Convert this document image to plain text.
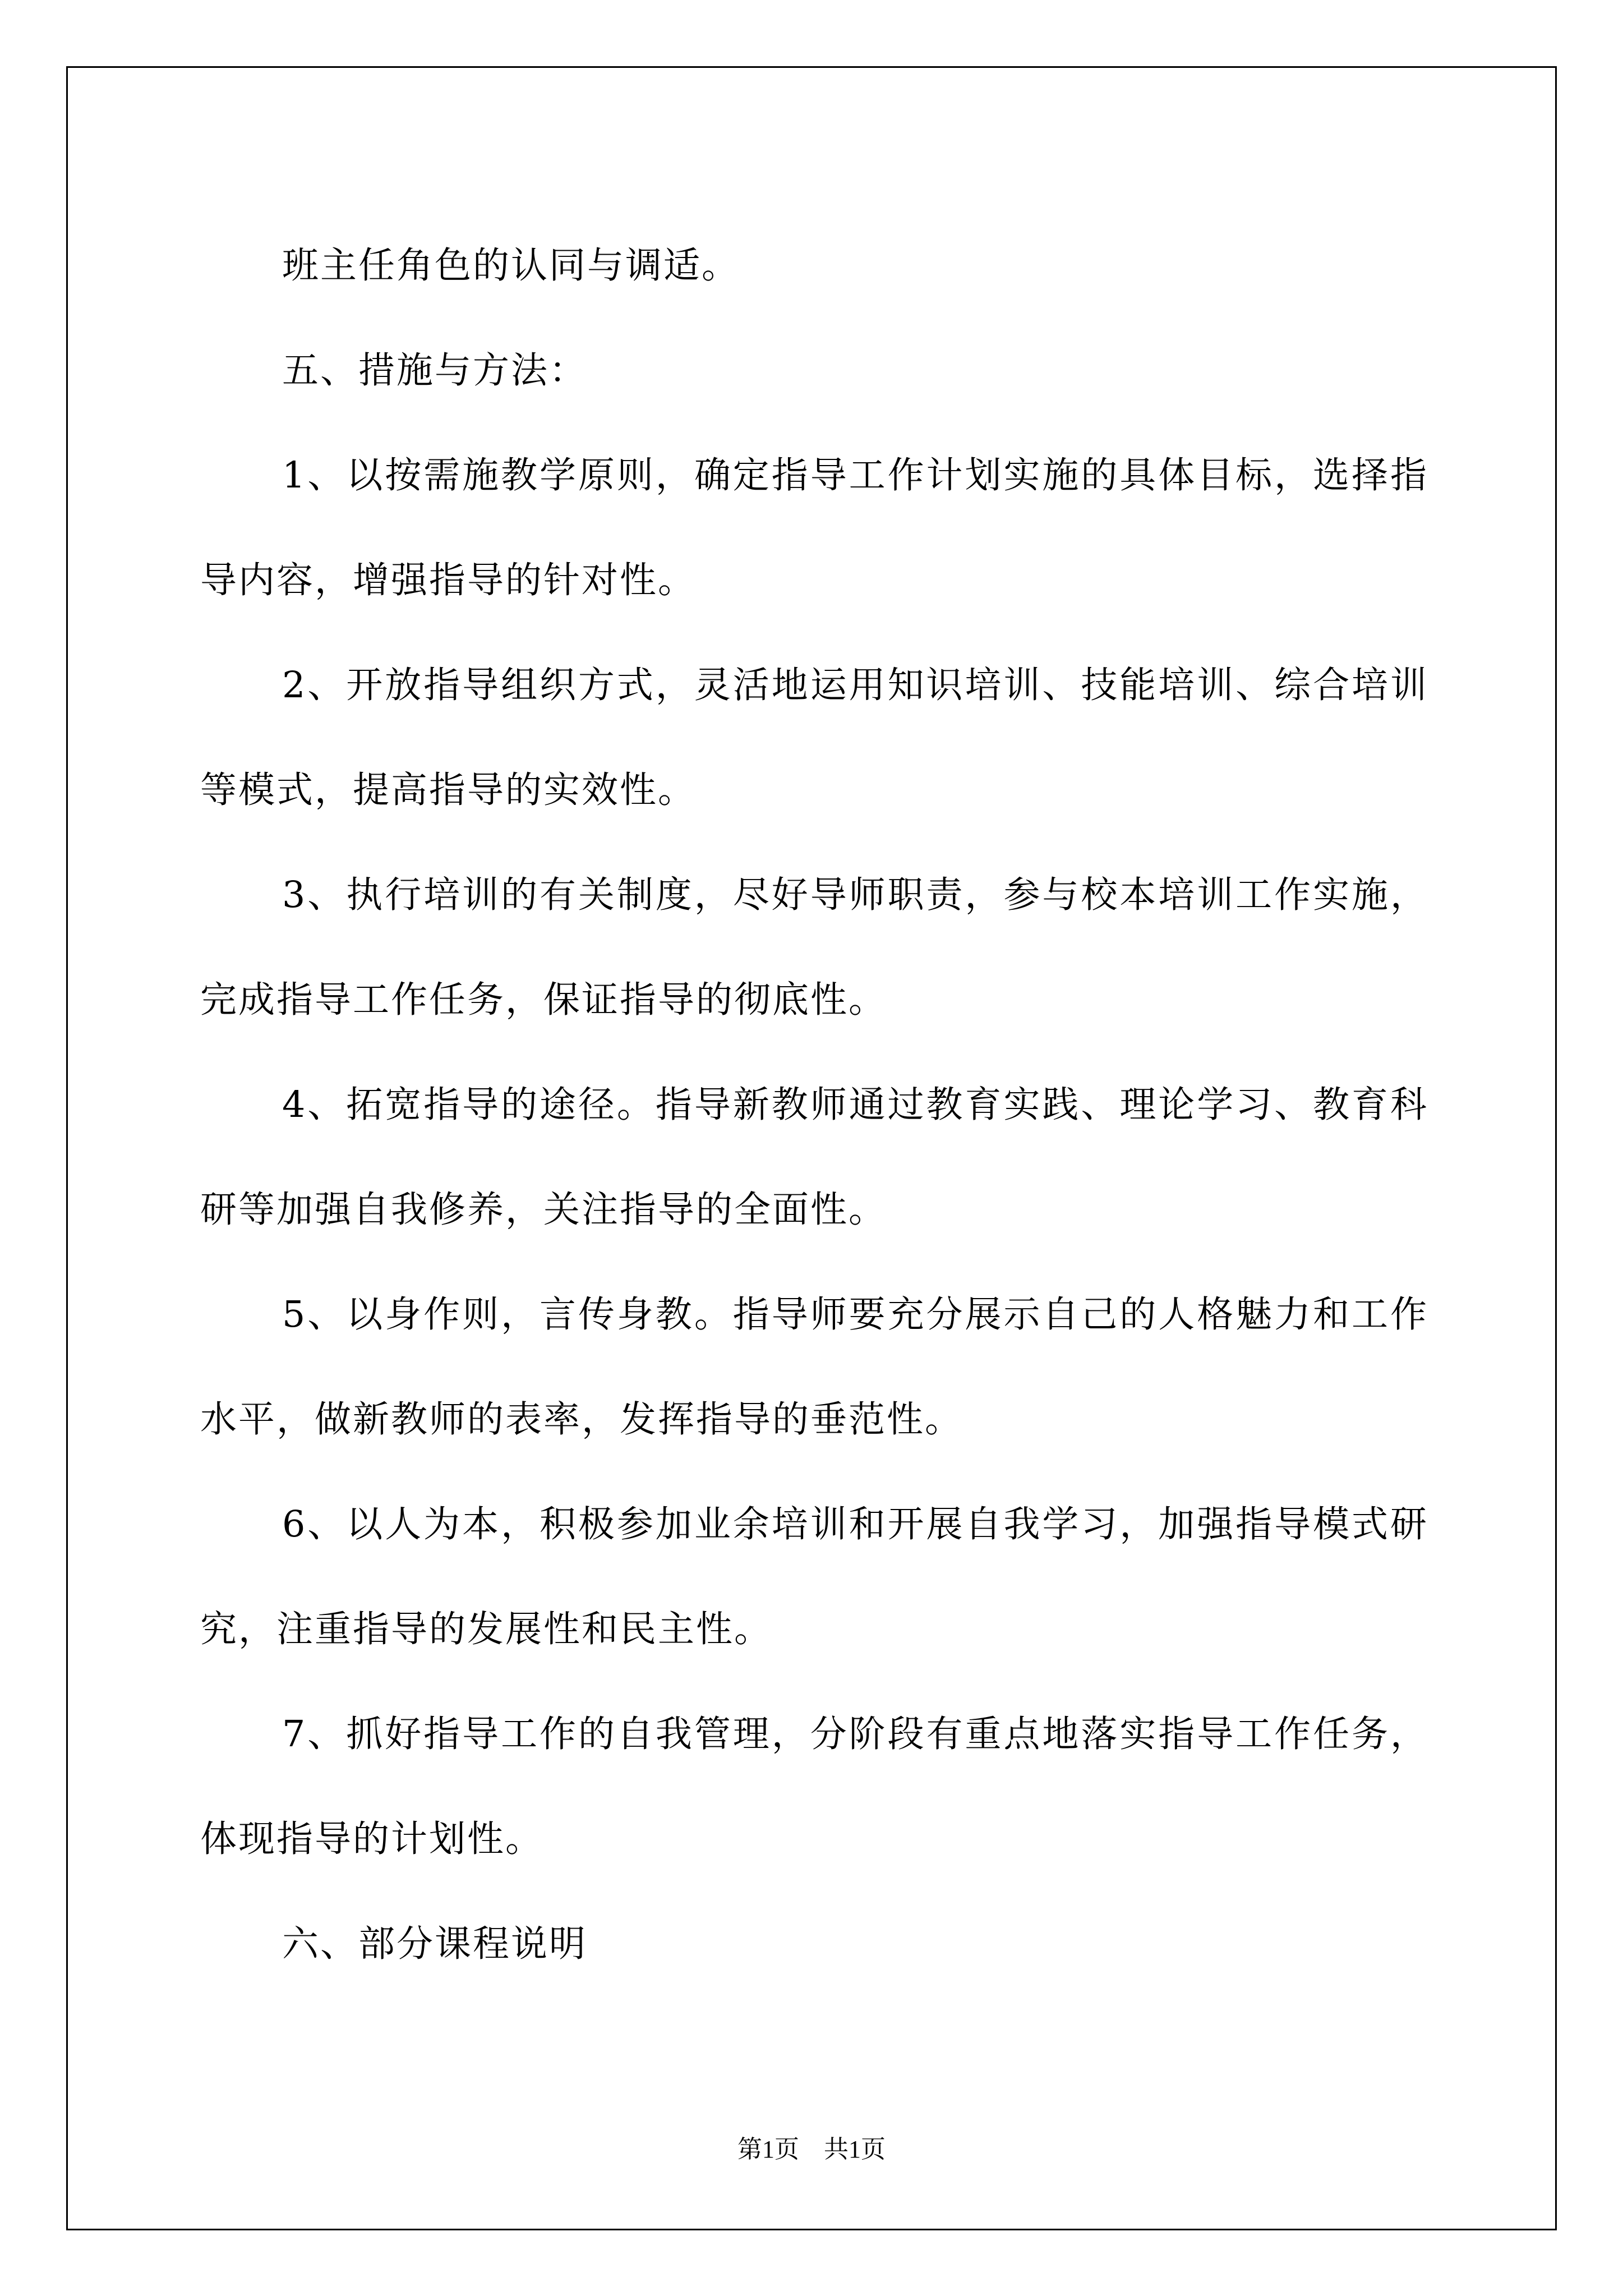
班主任角色的认同与调适。

五、措施与方法：

1、以按需施教学原则，确定指导工作计划实施的具体目标，选择指导内容，增强指导的针对性。

2、开放指导组织方式，灵活地运用知识培训、技能培训、综合培训等模式，提高指导的实效性。

3、执行培训的有关制度，尽好导师职责，参与校本培训工作实施，完成指导工作任务，保证指导的彻底性。

4、拓宽指导的途径。指导新教师通过教育实践、理论学习、教育科研等加强自我修养，关注指导的全面性。

5、以身作则，言传身教。指导师要充分展示自己的人格魅力和工作水平，做新教师的表率，发挥指导的垂范性。

6、以人为本，积极参加业余培训和开展自我学习，加强指导模式研究，注重指导的发展性和民主性。

7、抓好指导工作的自我管理，分阶段有重点地落实指导工作任务，体现指导的计划性。

六、部分课程说明

第1页 共1页
